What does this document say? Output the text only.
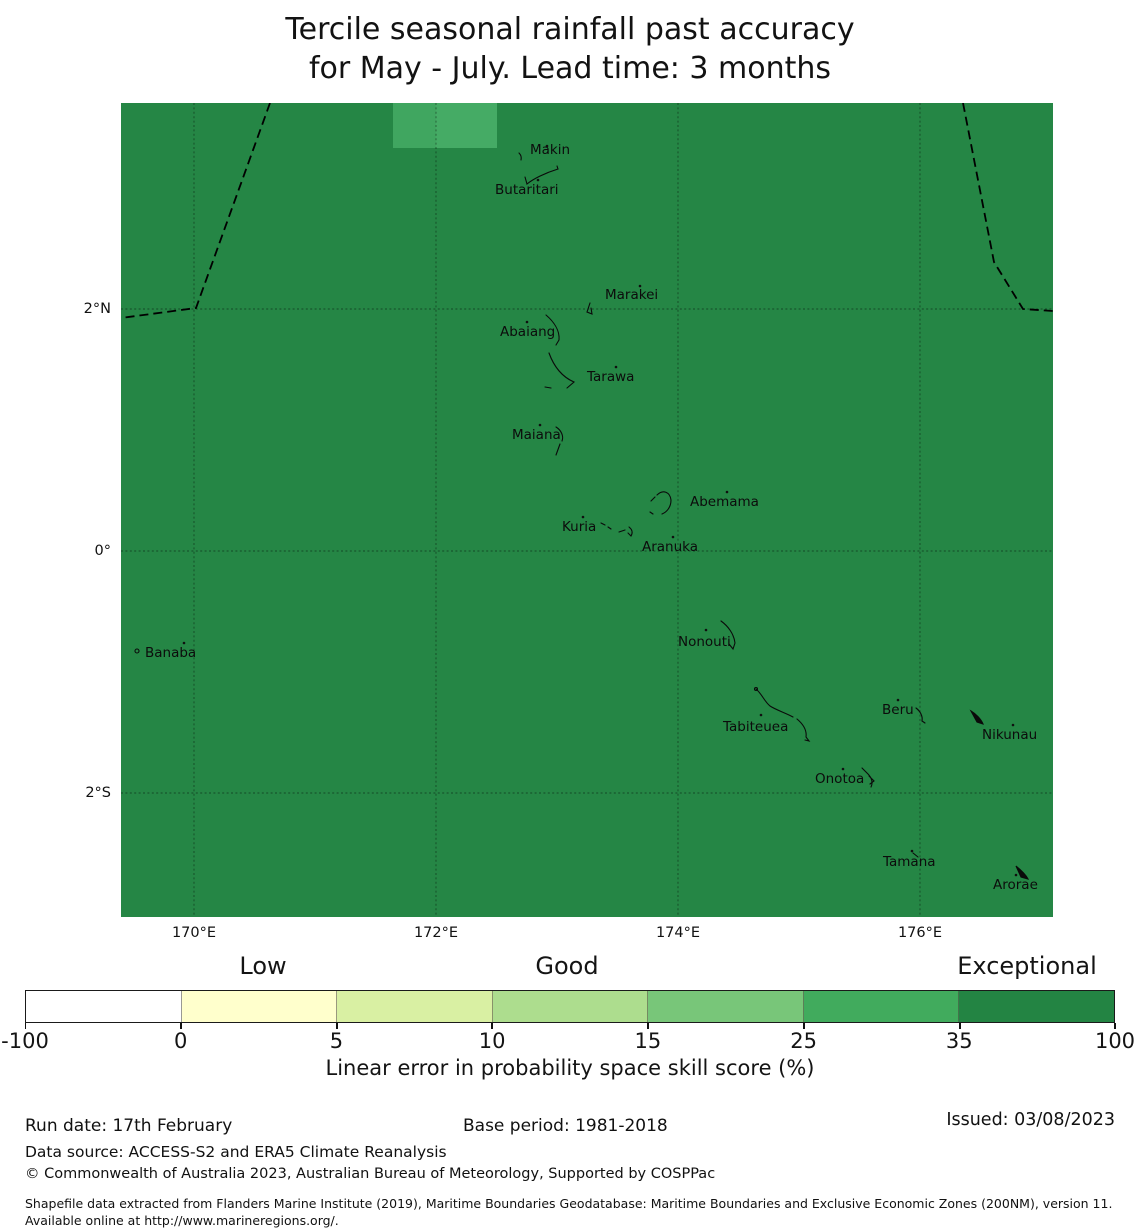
Tercile seasonal rainfall past accuracy
for May - July. Lead time: 3 months
Makin
Butaritari
Marakei
Abaiang
Tarawa
Maiana
Abemama
Kuria
Aranuka
Nonouti
Banaba
Tabiteuea
Beru
Nikunau
Onotoa
Tamana
Arorae
2°N
0°
2°S
170°E	172°E	174°E	176°E
Low	Good	Exceptional
-100	0	5	10	15	25	35	100
Linear error in probability space skill score (%)
Run date: 17th February	Base period: 1981-2018	Issued: 03/08/2023
Data source: ACCESS-S2 and ERA5 Climate Reanalysis
© Commonwealth of Australia 2023, Australian Bureau of Meteorology, Supported by COSPPac
Shapefile data extracted from Flanders Marine Institute (2019), Maritime Boundaries Geodatabase: Maritime Boundaries and Exclusive Economic Zones (200NM), version 11. Available online at http://www.marineregions.org/.
